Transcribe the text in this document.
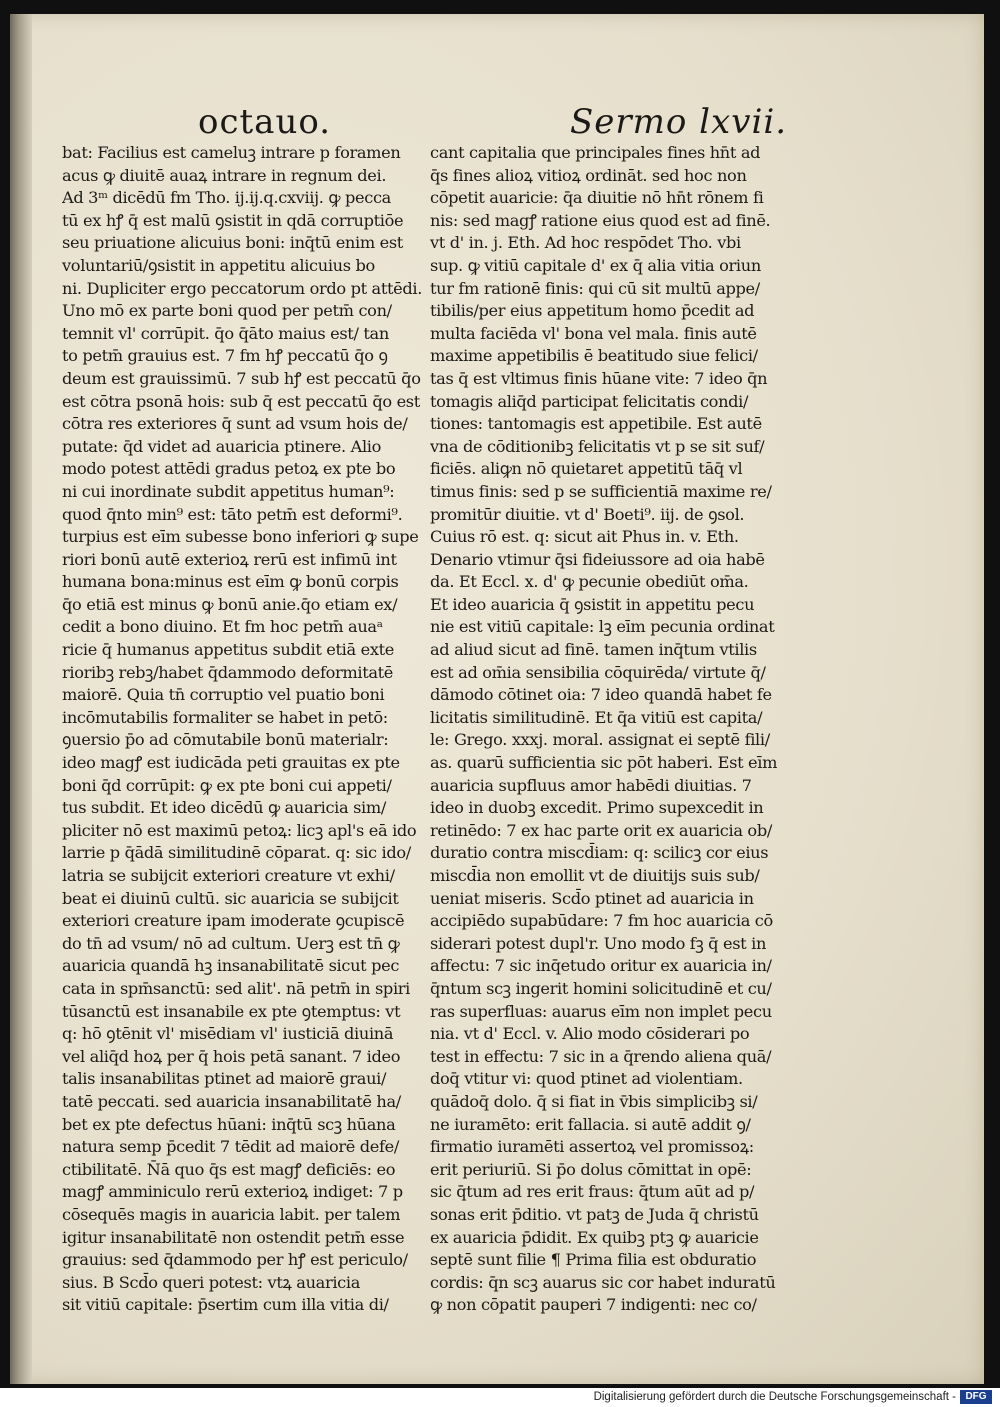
octauo.	Sermo lxvii.
bat: Facilius est cameluꝫ intrare p foramen
acus ꝙ diuitē auaꝝ intrare in regnum dei.
Ad 3ᵐ dicēdū fm Tho. ij.ij.q.cxviij. ꝙ pecca
tū ex hꝭ q̄ est malū ꝯsistit in qdā corruptiōe
seu priuatione alicuius boni: inq̄tū enim est
voluntariū/ꝯsistit in appetitu alicuius bo
ni. Dupliciter ergo peccatorum ordo pt attēdi.
Uno mō ex parte boni quod per petm̄ con/
temnit vl' corrūpit. q̄o q̄āto maius est/ tan
to petm̄ grauius est. 7 fm hꝭ peccatū q̄o ꝯ
deum est grauissimū. 7 sub hꝭ est peccatū q̄o
est cōtra psonā hois: sub q̄ est peccatū q̄o est
cōtra res exteriores q̄ sunt ad vsum hois de/
putate: q̄d videt ad auaricia ptinere. Alio
modo potest attēdi gradus petoꝝ ex pte bo
ni cui inordinate subdit appetitus human⁹:
quod q̄nto min⁹ est: tāto petm̄ est deformi⁹.
turpius est eīm subesse bono inferiori ꝙ supe
riori bonū autē exterioꝝ rerū est infimū int
humana bona:minus est eīm ꝙ bonū corpis
q̄o etiā est minus ꝙ bonū anie.q̄o etiam ex/
cedit a bono diuino. Et fm hoc petm̄ auaᵃ
ricie q̄ humanus appetitus subdit etiā exte
rioribꝫ rebꝫ/habet q̄dammodo deformitatē
maiorē. Quia tn̄ corruptio vel puatio boni
incōmutabilis formaliter se habet in petō:
ꝯuersio p̄o ad cōmutabile bonū materialr:
ideo magꝭ est iudicāda peti grauitas ex pte
boni q̄d corrūpit: ꝙ ex pte boni cui appeti/
tus subdit. Et ideo dicēdū ꝙ auaricia sim/
pliciter nō est maximū petoꝝ: licꝫ apl's eā ido
larrie p q̄ādā similitudinē cōparat. q: sic ido/
latria se subijcit exteriori creature vt exhi/
beat ei diuinū cultū. sic auaricia se subijcit
exteriori creature ipam imoderate ꝯcupiscē
do tn̄ ad vsum/ nō ad cultum. Uerꝫ est tn̄ ꝙ
auaricia quandā hꝫ insanabilitatē sicut pec
cata in spm̄sanctū: sed alit'. nā petm̄ in spiri
tūsanctū est insanabile ex pte ꝯtemptus: vt
q: hō ꝯtēnit vl' misēdiam vl' iusticiā diuinā
vel aliq̄d hoꝝ per q̄ hois petā sanant. 7 ideo
talis insanabilitas ptinet ad maiorē graui/
tatē peccati. sed auaricia insanabilitatē ha/
bet ex pte defectus hūani: inq̄tū scꝫ hūana
natura semp p̄cedit 7 tēdit ad maiorē defe/
ctibilitatē. N̄ā quo q̄s est magꝭ deficiēs: eo
magꝭ amminiculo rerū exterioꝝ indiget: 7 p
cōsequēs magis in auaricia labit. per talem
igitur insanabilitatē non ostendit petm̄ esse
grauius: sed q̄dammodo per hꝭ est periculo/
sius. B Scd̄o queri potest: vtꝝ auaricia
sit vitiū capitale: p̄sertim cum illa vitia di/
cant capitalia que principales fines hn̄t ad
q̄s fines alioꝝ vitioꝝ ordināt. sed hoc non
cōpetit auaricie: q̄a diuitie nō hn̄t rōnem fi
nis: sed magꝭ ratione eius quod est ad finē.
vt d' in. j. Eth. Ad hoc respōdet Tho. vbi
sup. ꝙ vitiū capitale d' ex q̄ alia vitia oriun
tur fm rationē finis: qui cū sit multū appe/
tibilis/per eius appetitum homo p̄cedit ad
multa faciēda vl' bona vel mala. finis autē
maxime appetibilis ē beatitudo siue felici/
tas q̄ est vltimus finis hūane vite: 7 ideo q̄n
tomagis aliq̄d participat felicitatis condi/
tiones: tantomagis est appetibile. Est autē
vna de cōditionibꝫ felicitatis vt p se sit suf/
ficiēs. aliꝙn nō quietaret appetitū tāq̄ vl
timus finis: sed p se sufficientiā maxime re/
promitūr diuitie. vt d' Boeti⁹. iij. de ꝯsol.
Cuius rō est. q: sicut ait Phus in. v. Eth.
Denario vtimur q̄si fideiussore ad oia habē
da. Et Eccl. x. d' ꝙ pecunie obediūt om̄a.
Et ideo auaricia q̄ ꝯsistit in appetitu pecu
nie est vitiū capitale: lꝫ eīm pecunia ordinat
ad aliud sicut ad finē. tamen inq̄tum vtilis
est ad om̄ia sensibilia cōquirēda/ virtute q̄/
dāmodo cōtinet oia: 7 ideo quandā habet fe
licitatis similitudinē. Et q̄a vitiū est capita/
le: Grego. xxxj. moral. assignat ei septē fili/
as. quarū sufficientia sic pōt haberi. Est eīm
auaricia supfluus amor habēdi diuitias. 7
ideo in duobꝫ excedit. Primo supexcedit in
retinēdo: 7 ex hac parte orit ex auaricia ob/
duratio contra miscd̄iam: q: scilicꝫ cor eius
miscd̄ia non emollit vt de diuitijs suis sub/
ueniat miseris. Scd̄o ptinet ad auaricia in
accipiēdo supabūdare: 7 fm hoc auaricia cō
siderari potest dupl'r. Uno modo fꝫ q̄ est in
affectu: 7 sic inq̄etudo oritur ex auaricia in/
q̄ntum scꝫ ingerit homini solicitudinē et cu/
ras superfluas: auarus eīm non implet pecu
nia. vt d' Eccl. v. Alio modo cōsiderari po
test in effectu: 7 sic in a q̄rendo aliena quā/
doq̄ vtitur vi: quod ptinet ad violentiam.
quādoq̄ dolo. q̄ si fiat in v̄bis simplicibꝫ si/
ne iuramēto: erit fallacia. si autē addit ꝯ/
firmatio iuramēti assertoꝝ vel promissoꝝ:
erit periuriū. Si p̄o dolus cōmittat in opē:
sic q̄tum ad res erit fraus: q̄tum aūt ad p/
sonas erit p̄ditio. vt patꝫ de Juda q̄ christū
ex auaricia p̄didit. Ex quibꝫ ptꝫ ꝙ auaricie
septē sunt filie ¶ Prima filia est obduratio
cordis: q̄n scꝫ auarus sic cor habet induratū
ꝙ non cōpatit pauperi 7 indigenti: nec co/
Digitalisierung gefördert durch die Deutsche Forschungsgemeinschaft - DFG
